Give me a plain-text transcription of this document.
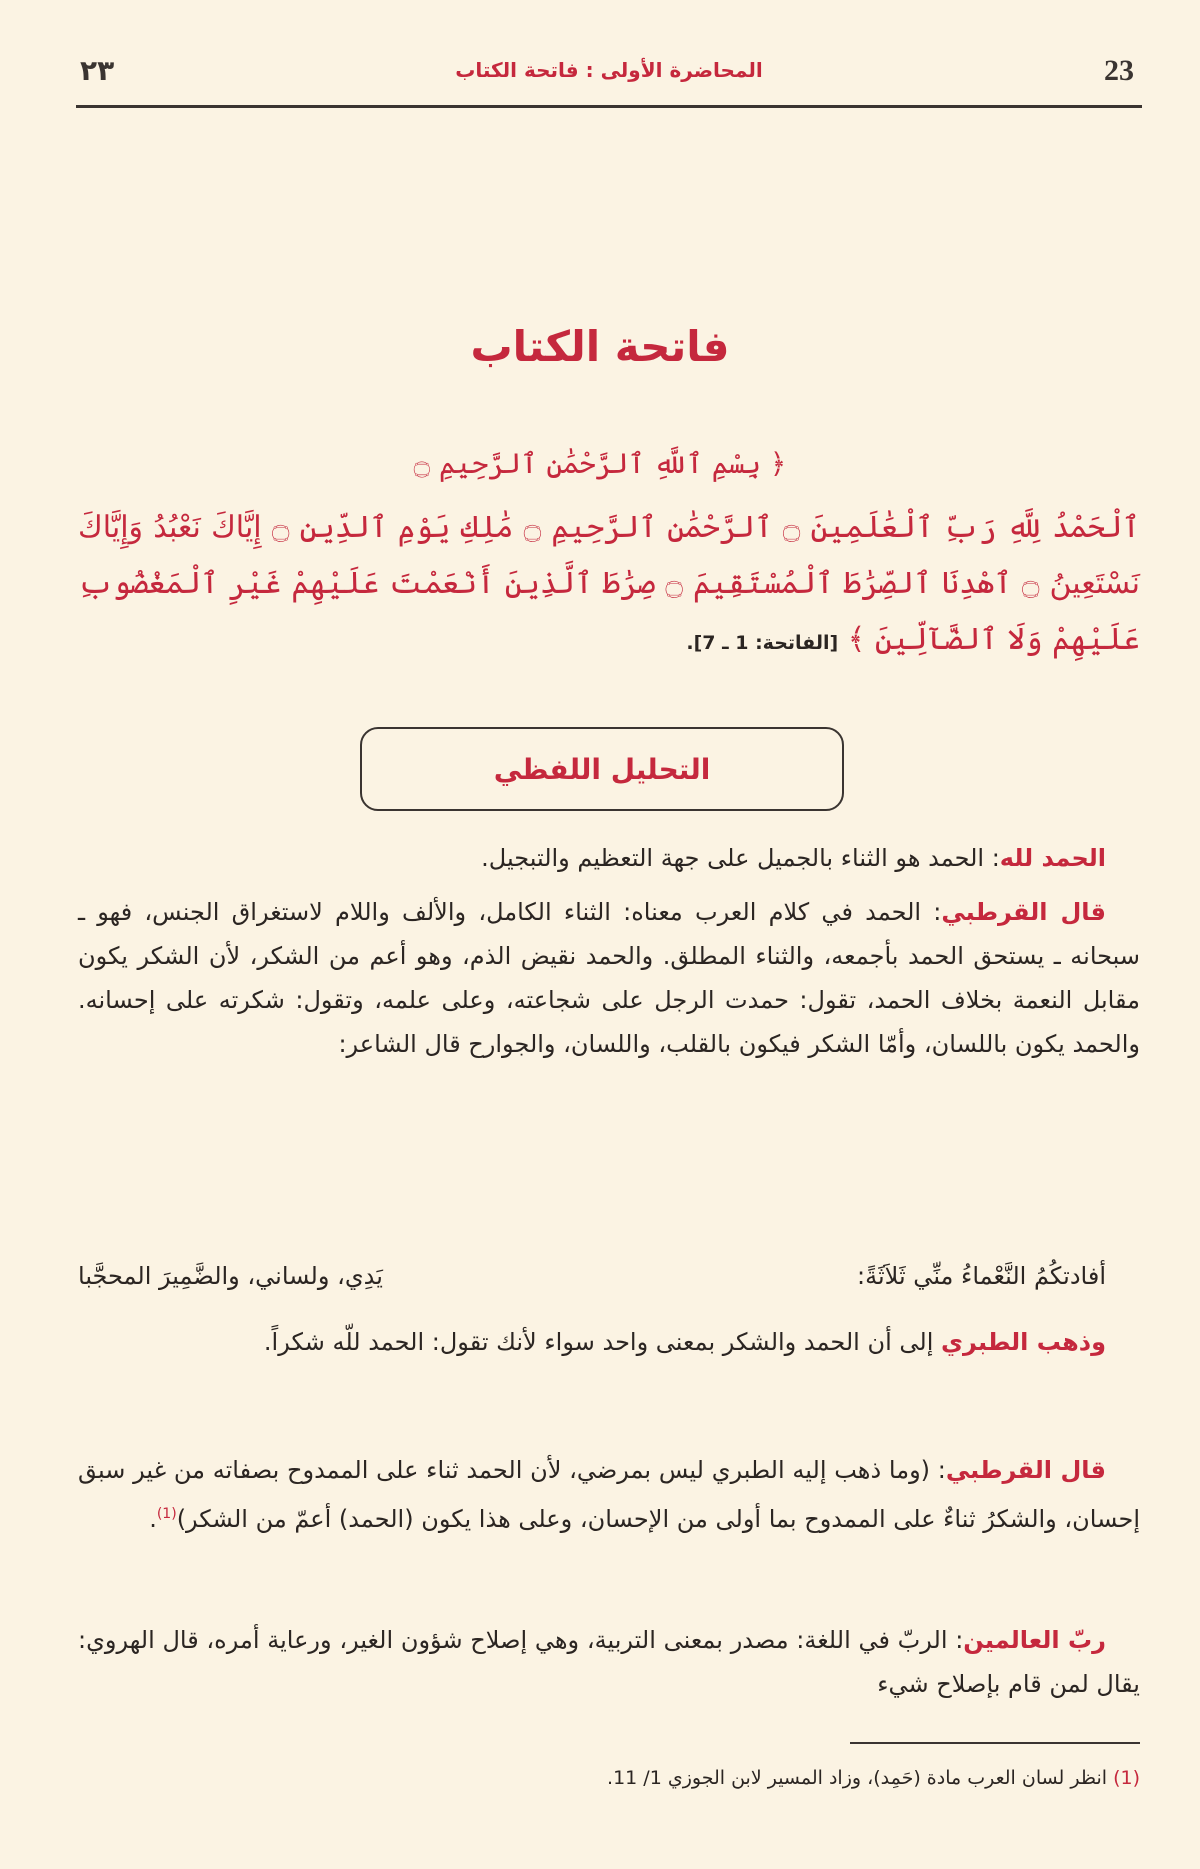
٢٣	المحاضرة الأولى : فاتحة الكتاب	23
فاتحة الكتاب
﴿ بِسْمِ ٱللَّهِ ٱلرَّحْمَٰنِ ٱلرَّحِيمِ ۝
ٱلْحَمْدُ لِلَّهِ رَبِّ ٱلْعَٰلَمِينَ ۝ ٱلرَّحْمَٰنِ ٱلرَّحِيمِ ۝ مَٰلِكِ يَوْمِ ٱلدِّينِ ۝ إِيَّاكَ نَعْبُدُ وَإِيَّاكَ نَسْتَعِينُ ۝ ٱهْدِنَا ٱلصِّرَٰطَ ٱلْمُسْتَقِيمَ ۝ صِرَٰطَ ٱلَّذِينَ أَنْعَمْتَ عَلَيْهِمْ غَيْرِ ٱلْمَغْضُوبِ عَلَيْهِمْ وَلَا ٱلضَّآلِّينَ ﴾ [الفاتحة: 1 ـ 7].
التحليل اللفظي
الحمد لله: الحمد هو الثناء بالجميل على جهة التعظيم والتبجيل.
قال القرطبي: الحمد في كلام العرب معناه: الثناء الكامل، والألف واللام لاستغراق الجنس، فهو ـ سبحانه ـ يستحق الحمد بأجمعه، والثناء المطلق. والحمد نقيض الذم، وهو أعم من الشكر، لأن الشكر يكون مقابل النعمة بخلاف الحمد، تقول: حمدت الرجل على شجاعته، وعلى علمه، وتقول: شكرته على إحسانه. والحمد يكون باللسان، وأمّا الشكر فيكون بالقلب، واللسان، والجوارح قال الشاعر:
أفادتكُمُ النَّعْماءُ منِّي ثَلاَثَةً:
يَدِي، ولساني، والضَّمِيرَ المحجَّبا
وذهب الطبري إلى أن الحمد والشكر بمعنى واحد سواء لأنك تقول: الحمد للّه شكراً.
قال القرطبي: (وما ذهب إليه الطبري ليس بمرضي، لأن الحمد ثناء على الممدوح بصفاته من غير سبق إحسان، والشكرُ ثناءٌ على الممدوح بما أولى من الإحسان، وعلى هذا يكون (الحمد) أعمّ من الشكر)$^{(1)}$.
ربّ العالمين: الربّ في اللغة: مصدر بمعنى التربية، وهي إصلاح شؤون الغير، ورعاية أمره، قال الهروي: يقال لمن قام بإصلاح شيء
(1) انظر لسان العرب مادة (حَمِد)، وزاد المسير لابن الجوزي 1/ 11.
